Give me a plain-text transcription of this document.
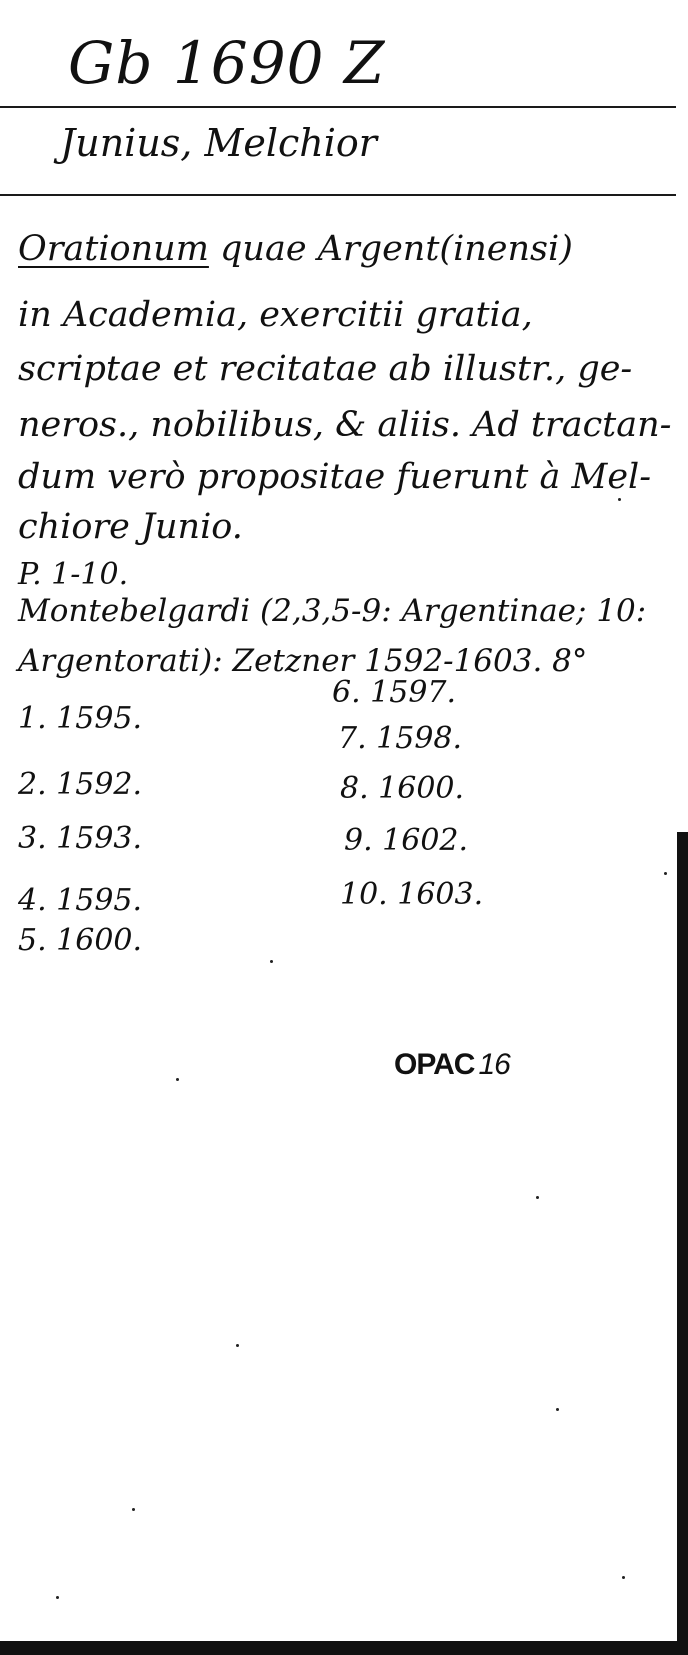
Gb 1690 Z
Junius, Melchior
Orationum quae Argent(inensi)
in Academia, exercitii gratia,
scriptae et recitatae ab illustr., ge-
neros., nobilibus, & aliis. Ad tractan-
dum verò propositae fuerunt à Mel-
chiore Junio.
P. 1-10.
Montebelgardi (2,3,5-9: Argentinae; 10:
Argentorati): Zetzner 1592-1603. 8°
1. 1595.
2. 1592.
3. 1593.
4. 1595.
5. 1600.
6. 1597.
7. 1598.
8. 1600.
9. 1602.
10. 1603.
OPAC 16
